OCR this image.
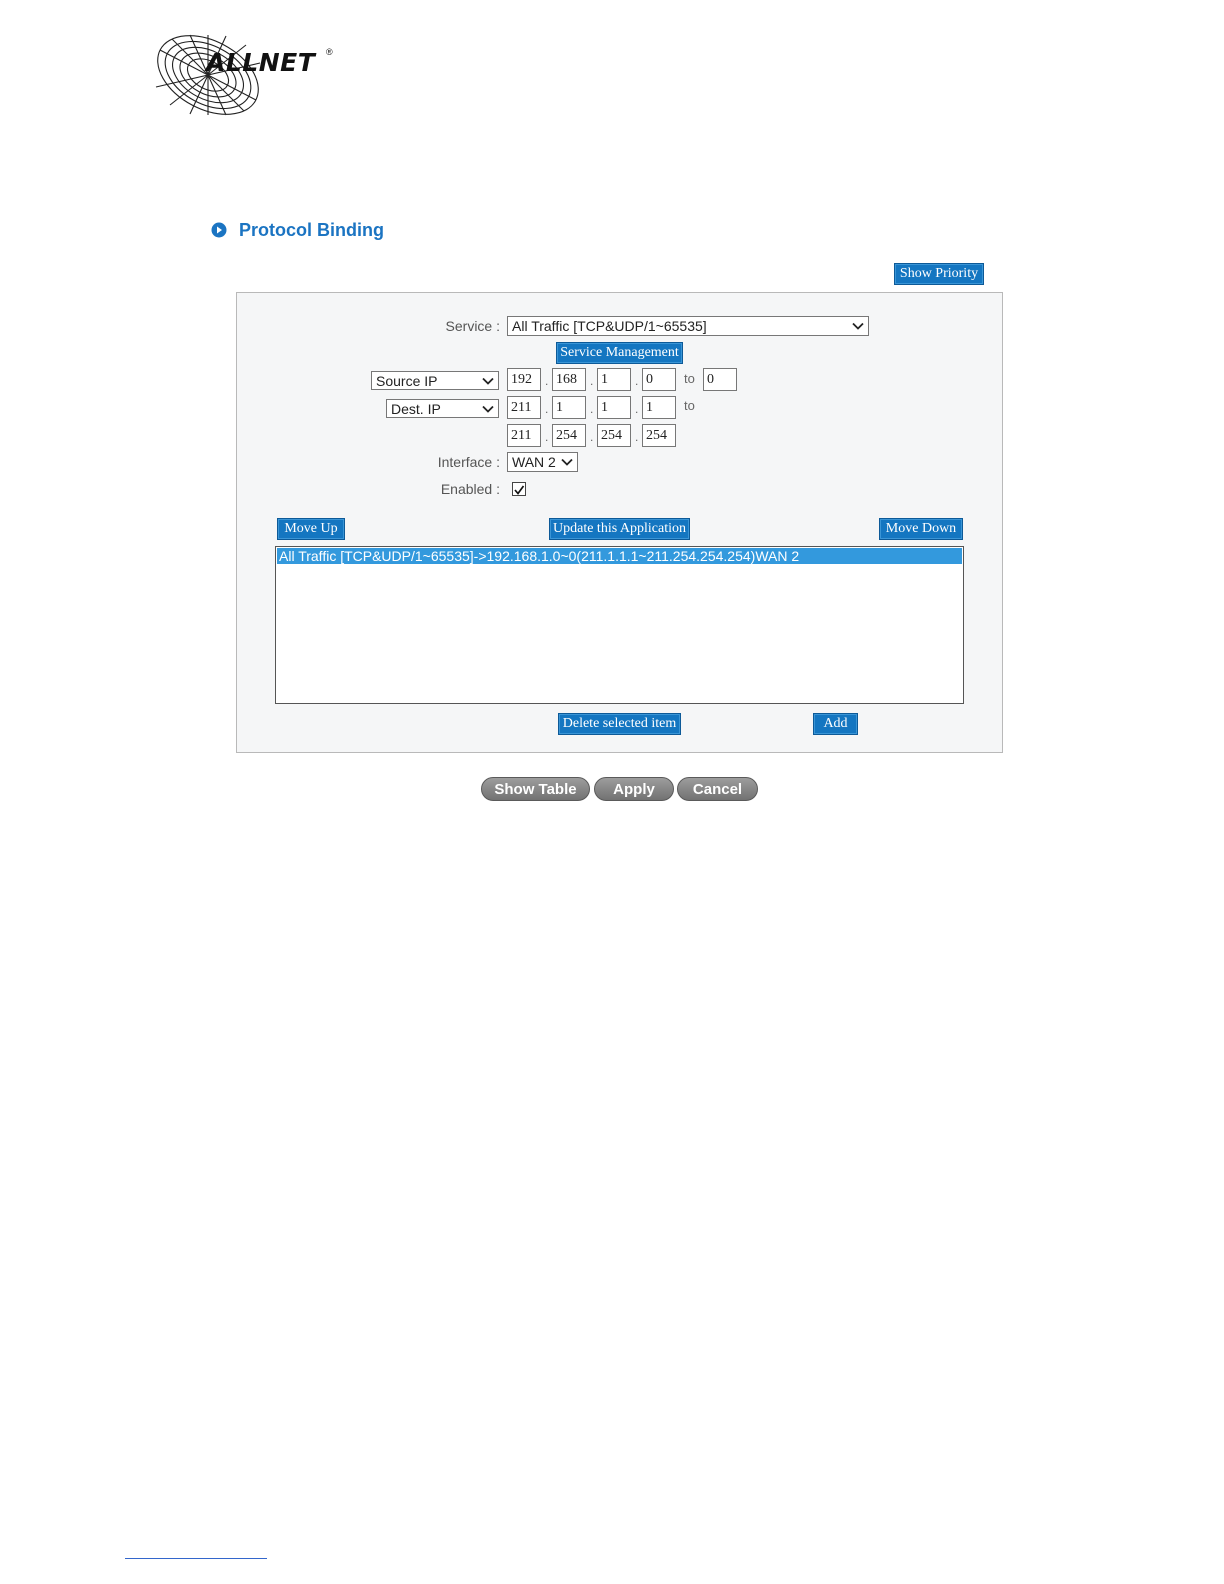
ALLNET ®
Protocol Binding
Show Priority
Service : All Traffic [TCP&UDP/1~65535]
Service Management
Source IP	192	. 168	. 1	. 0	to 0
Dest. IP	211	. 1	. 1	. 1	to
211	. 254	. 254	. 254
Interface : WAN 2
Enabled :
Move Up	Update this Application	Move Down
All Traffic [TCP&UDP/1~65535]->192.168.1.0~0(211.1.1.1~211.254.254.254)WAN 2
Delete selected item	Add
Show Table	Apply	Cancel
